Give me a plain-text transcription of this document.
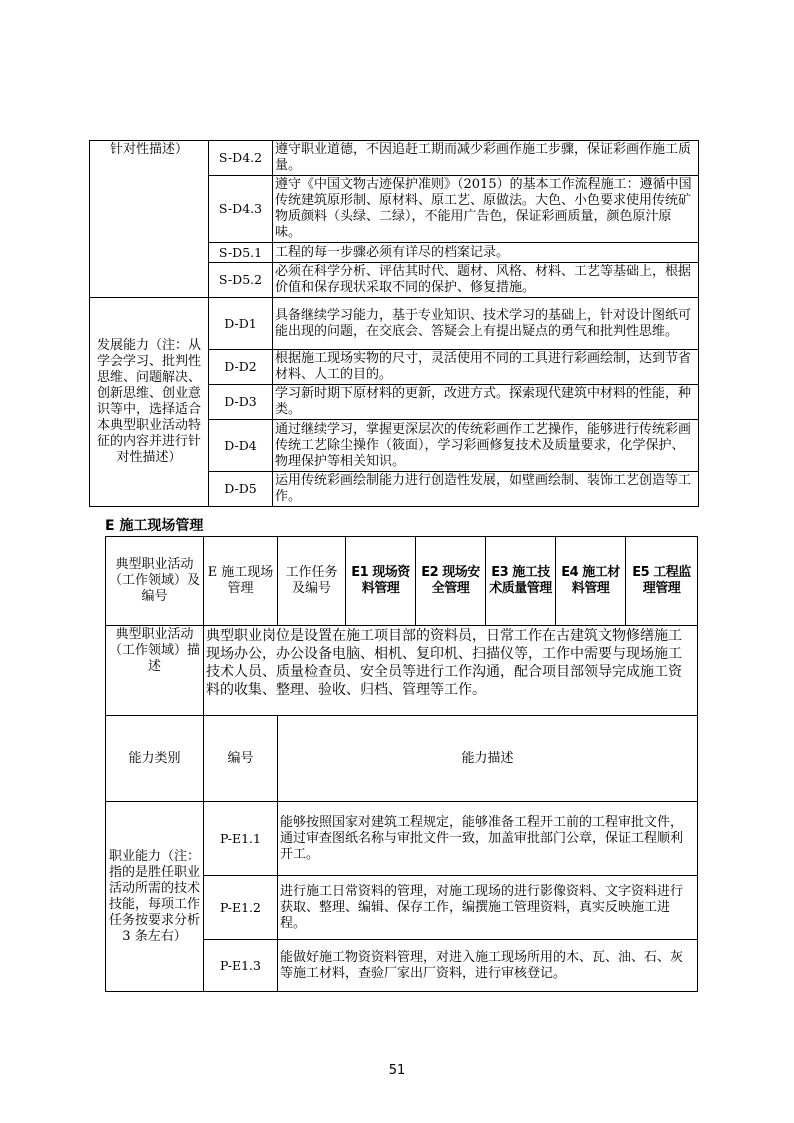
针对性描述）	S-D4.2	遵守职业道德，不因追赶工期而减少彩画作施工步骤，保证彩画作施工质量。
	S-D4.3	遵守《中国文物古迹保护准则》（2015）的基本工作流程施工：遵循中国传统建筑原形制、原材料、原工艺、原做法。大色、小色要求使用传统矿物质颜料（头绿、二绿），不能用广告色，保证彩画质量，颜色原汁原味。
	S-D5.1	工程的每一步骤必须有详尽的档案记录。
	S-D5.2	必须在科学分析、评估其时代、题材、风格、材料、工艺等基础上，根据价值和保存现状采取不同的保护、修复措施。
发展能力（注：从学会学习、批判性思维、问题解决、创新思维、创业意识等中，选择适合本典型职业活动特征的内容并进行针对性描述）	D-D1	具备继续学习能力，基于专业知识、技术学习的基础上，针对设计图纸可能出现的问题，在交底会、答疑会上有提出疑点的勇气和批判性思维。
	D-D2	根据施工现场实物的尺寸，灵活使用不同的工具进行彩画绘制，达到节省材料、人工的目的。
	D-D3	学习新时期下原材料的更新，改进方式。探索现代建筑中材料的性能，种类。
	D-D4	通过继续学习，掌握更深层次的传统彩画作工艺操作，能够进行传统彩画传统工艺除尘操作（筱面），学习彩画修复技术及质量要求，化学保护、物理保护等相关知识。
	D-D5	运用传统彩画绘制能力进行创造性发展，如壁画绘制、装饰工艺创造等工作。
E 施工现场管理
典型职业活动（工作领域）及编号	E 施工现场管理	工作任务及编号	E1 现场资料管理	E2 现场安全管理	E3 施工技术质量管理	E4 施工材料管理	E5 工程监理管理
典型职业活动（工作领域）描述	典型职业岗位是设置在施工项目部的资料员，日常工作在古建筑文物修缮施工现场办公，办公设备电脑、相机、复印机、扫描仪等，工作中需要与现场施工技术人员、质量检查员、安全员等进行工作沟通，配合项目部领导完成施工资料的收集、整理、验收、归档、管理等工作。						
能力类别	编号	能力描述					
职业能力（注：指的是胜任职业活动所需的技术技能，每项工作任务按要求分析 3 条左右）	P-E1.1	能够按照国家对建筑工程规定，能够准备工程开工前的工程审批文件，通过审查图纸名称与审批文件一致，加盖审批部门公章，保证工程顺利开工。					
	P-E1.2	进行施工日常资料的管理，对施工现场的进行影像资料、文字资料进行获取、整理、编辑、保存工作，编撰施工管理资料，真实反映施工进程。					
	P-E1.3	能做好施工物资资料管理，对进入施工现场所用的木、瓦、油、石、灰等施工材料，查验厂家出厂资料，进行审核登记。					
51
